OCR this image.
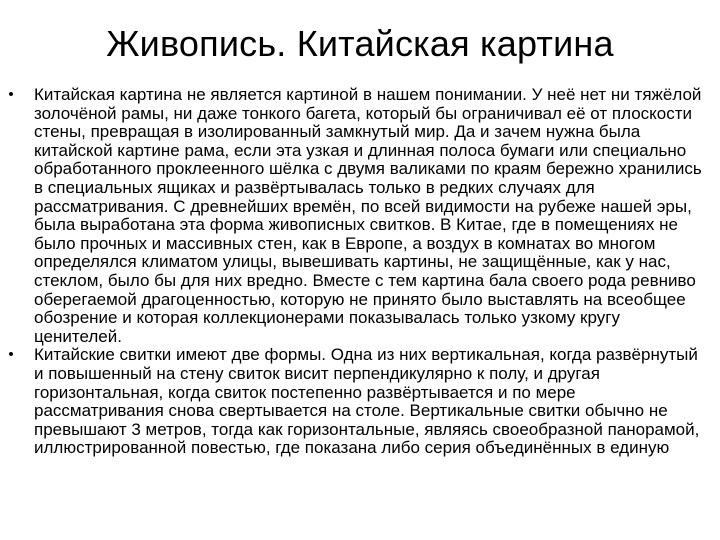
Живопись. Китайская картина
• Китайская картина не является картиной в нашем понимании. У неё нет ни тяжёлой золочёной рамы, ни даже тонкого багета, который бы ограничивал её от плоскости стены, превращая в изолированный замкнутый мир. Да и зачем нужна была китайской картине рама, если эта узкая и длинная полоса бумаги или специально обработанного проклеенного шёлка с двумя валиками по краям бережно хранились в специальных ящиках и развёртывалась только в редких случаях для рассматривания. С древнейших времён, по всей видимости на рубеже нашей эры, была выработана эта форма живописных свитков. В Китае, где в помещениях не было прочных и массивных стен, как в Европе, а воздух в комнатах во многом определялся климатом улицы, вывешивать картины, не защищённые, как у нас, стеклом, было бы для них вредно. Вместе с тем картина бала своего рода ревниво оберегаемой драгоценностью, которую не принято было выставлять на всеобщее обозрение и которая коллекционерами показывалась только узкому кругу ценителей.
• Китайские свитки имеют две формы. Одна из них вертикальная, когда развёрнутый и повышенный на стену свиток висит перпендикулярно к полу, и другая горизонтальная, когда свиток постепенно развёртывается и по мере рассматривания снова свертывается на столе. Вертикальные свитки обычно не превышают 3 метров, тогда как горизонтальные, являясь своеобразной панорамой, иллюстрированной повестью, где показана либо серия объединённых в единую
